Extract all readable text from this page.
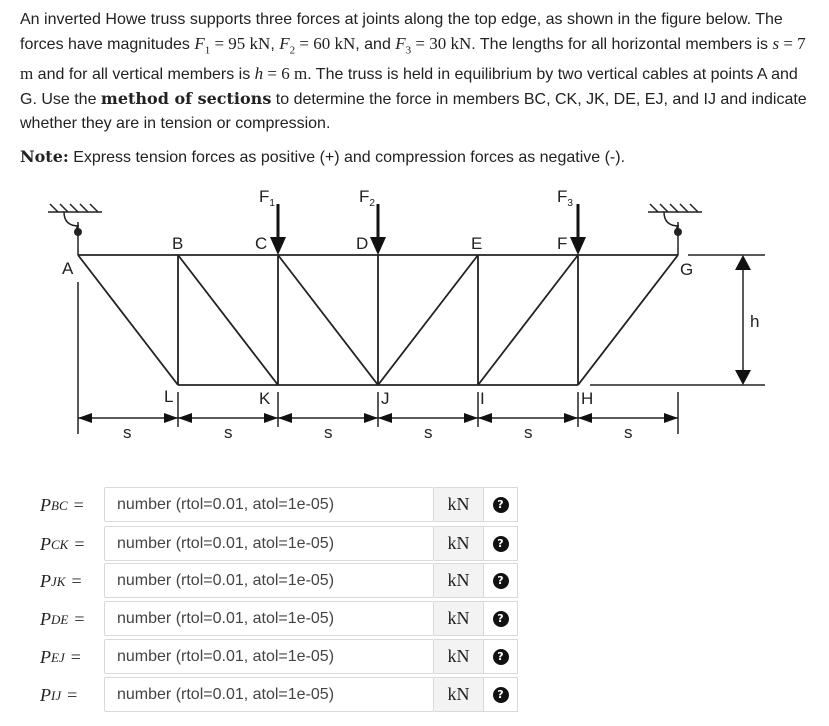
An inverted Howe truss supports three forces at joints along the top edge, as shown in the figure below. The forces have magnitudes $F_1 = 95$ kN, $F_2 = 60$ kN, and $F_3 = 30$ kN. The lengths for all horizontal members is s = 7 m and for all vertical members is h = 6 m. The truss is held in equilibrium by two vertical cables at points A and G. Use the method of sections to determine the force in members BC, CK, JK, DE, EJ, and IJ and indicate whether they are in tension or compression.
Note: Express tension forces as positive (+) and compression forces as negative (-).
$F_1$	$F_2$	$F_3$
A
B	C	D	E	F
G
H
I
J
K
L
h
s	s	s	s	s	s
P BC =	number (rtol=0.01, atol=1e-05)	kN	?
P CK =	number (rtol=0.01, atol=1e-05)	kN	?
P JK =	number (rtol=0.01, atol=1e-05)	kN	?
P DE =	number (rtol=0.01, atol=1e-05)	kN	?
P EJ =	number (rtol=0.01, atol=1e-05)	kN	?
P IJ =	number (rtol=0.01, atol=1e-05)	kN	?
